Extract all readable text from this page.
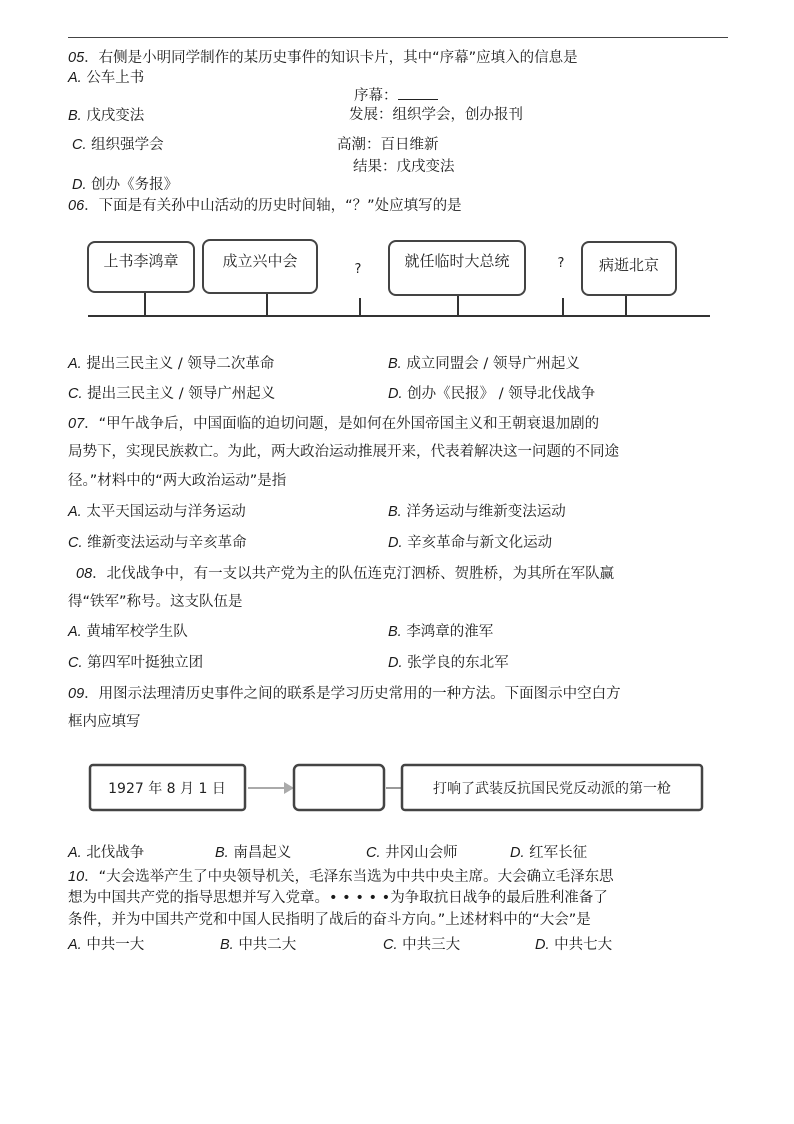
05．右侧是小明同学制作的某历史事件的知识卡片，其中“序幕”应填入的信息是
A. 公车上书
序幕：
B. 戊戌变法	发展：组织学会，创办报刊
C. 组织强学会	高潮：百日维新
结果：戊戌变法
D. 创办《务报》
06．下面是有关孙中山活动的历史时间轴，“？”处应填写的是
上书李鸿章	成立兴中会	?	就任临时大总统	? 病逝北京
A. 提出三民主义 / 领导二次革命	B. 成立同盟会 / 领导广州起义
C. 提出三民主义 / 领导广州起义	D. 创办《民报》 / 领导北伐战争
07．“甲午战争后，中国面临的迫切问题，是如何在外国帝国主义和王朝衰退加剧的
局势下，实现民族救亡。为此，两大政治运动推展开来，代表着解决这一问题的不同途
径。”材料中的“两大政治运动”是指
A. 太平天国运动与洋务运动	B. 洋务运动与维新变法运动
C. 维新变法运动与辛亥革命	D. 辛亥革命与新文化运动
08．北伐战争中，有一支以共产党为主的队伍连克汀泗桥、贺胜桥，为其所在军队赢
得“铁军”称号。这支队伍是
A. 黄埔军校学生队	B. 李鸿章的淮军
C. 第四军叶挺独立团	D. 张学良的东北军
09．用图示法理清历史事件之间的联系是学习历史常用的一种方法。下面图示中空白方
框内应填写
1927 年 8 月 1 日	打响了武装反抗国民党反动派的第一枪
A. 北伐战争	B. 南昌起义	C. 井冈山会师	D. 红军长征
10．“大会选举产生了中央领导机关，毛泽东当选为中共中央主席。大会确立毛泽东思
想为中国共产党的指导思想并写入党章。• • • • •为争取抗日战争的最后胜利准备了
条件，并为中国共产党和中国人民指明了战后的奋斗方向。”上述材料中的“大会”是
A. 中共一大	B. 中共二大	C. 中共三大	D. 中共七大
